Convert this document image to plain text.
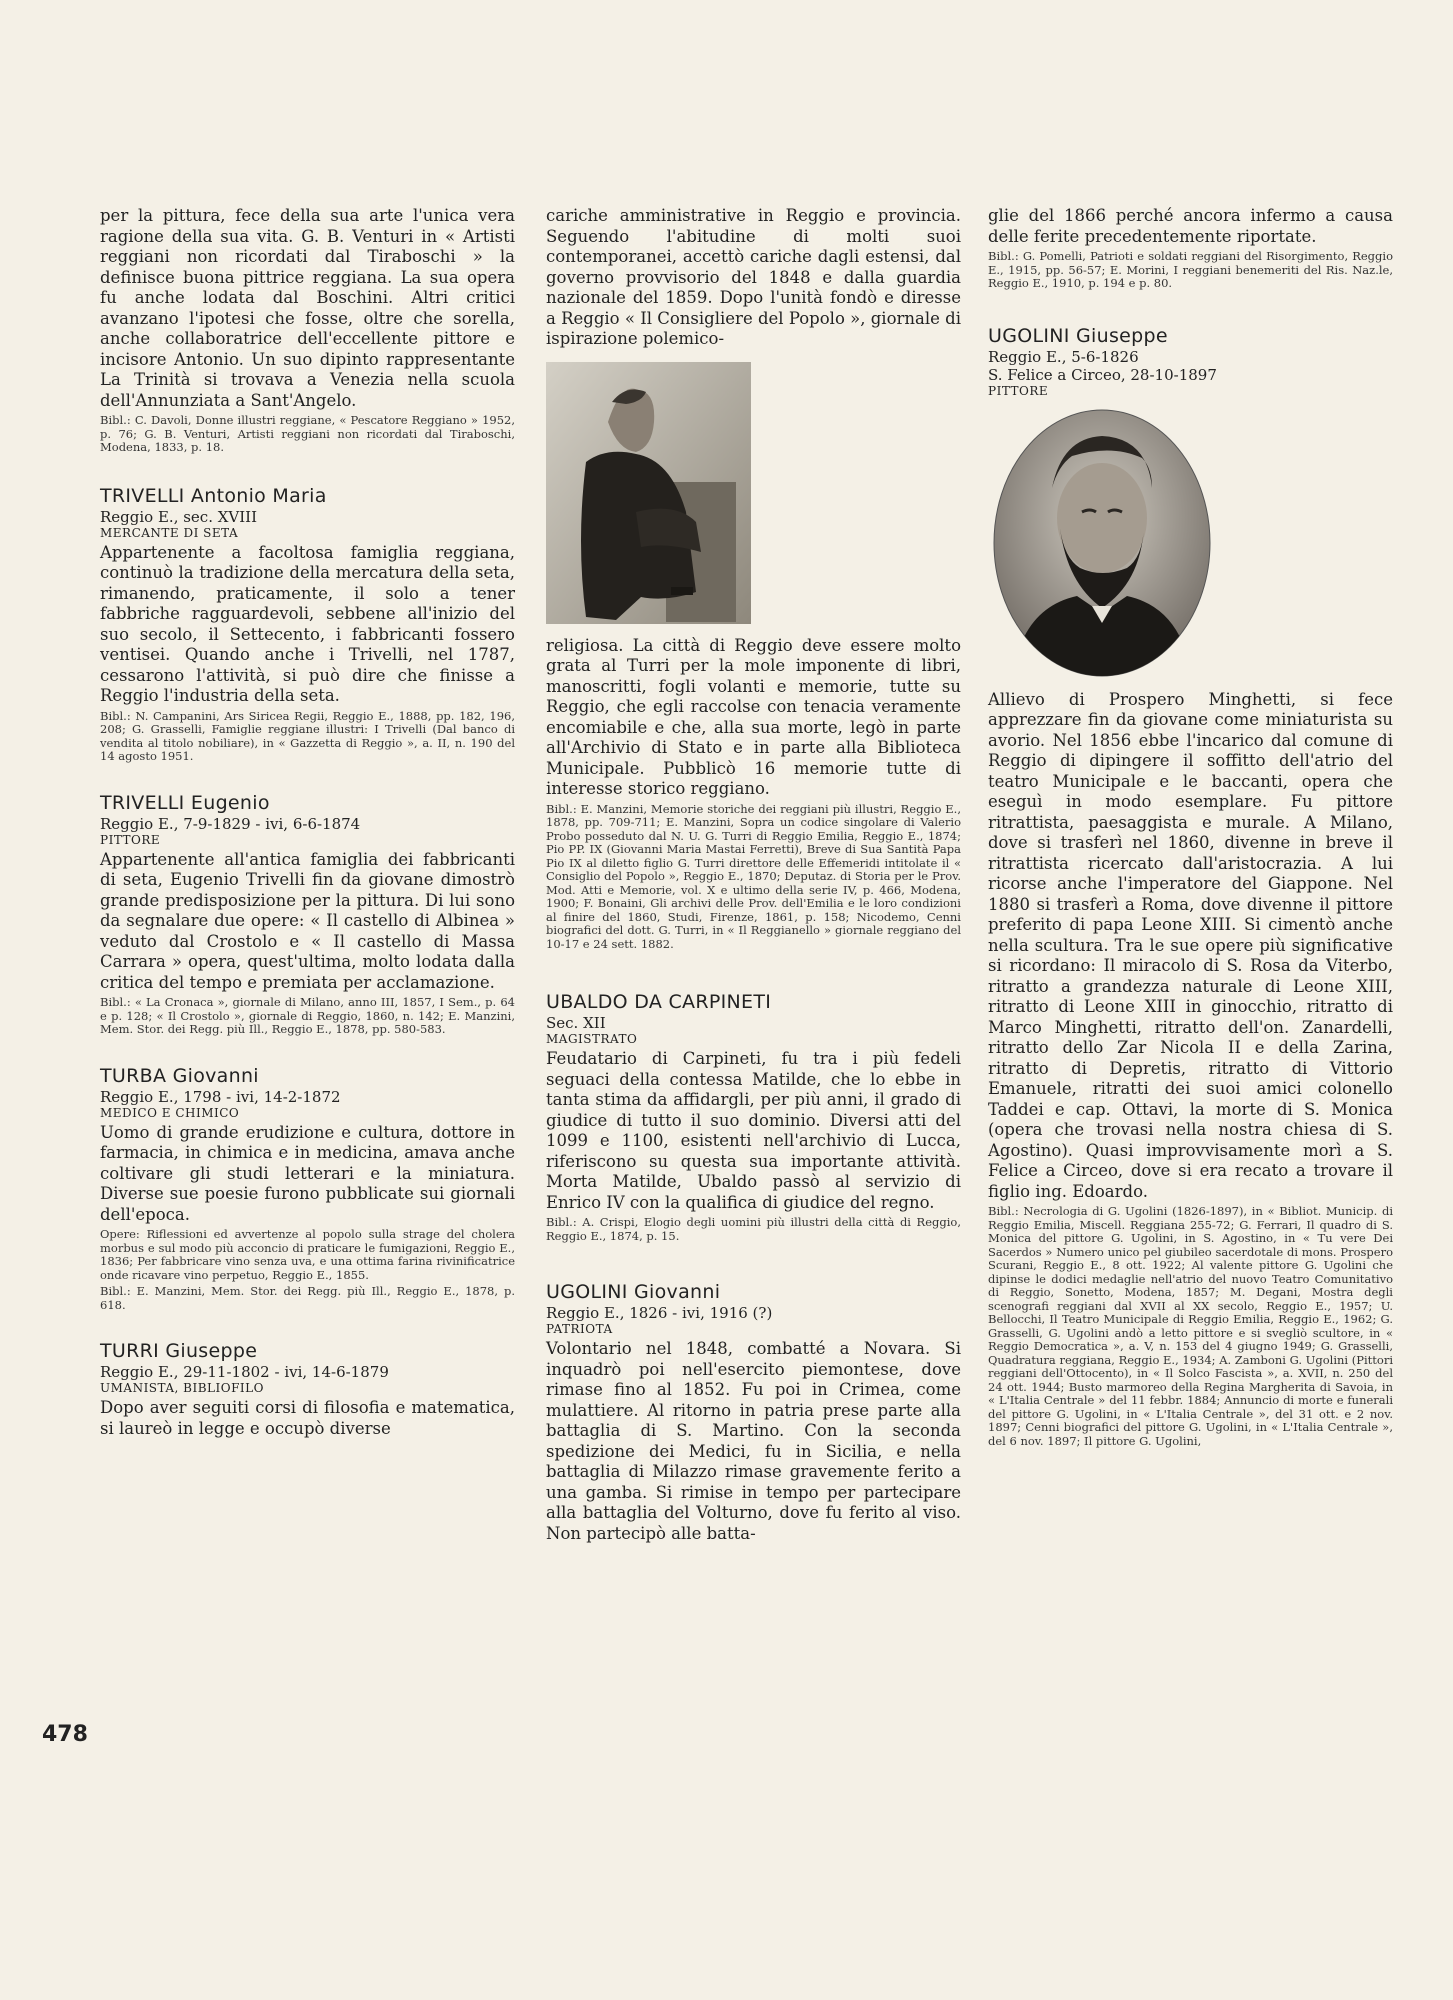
478

per la pittura, fece della sua arte l'unica vera ragione della sua vita. G. B. Venturi in « Artisti reggiani non ricordati dal Tiraboschi » la definisce buona pittrice reggiana. La sua opera fu anche lodata dal Boschini. Altri critici avanzano l'ipotesi che fosse, oltre che sorella, anche collaboratrice dell'eccellente pittore e incisore Antonio. Un suo dipinto rappresentante La Trinità si trovava a Venezia nella scuola dell'Annunziata a Sant'Angelo.

Bibl.: C. Davoli, Donne illustri reggiane, « Pescatore Reggiano » 1952, p. 76; G. B. Venturi, Artisti reggiani non ricordati dal Tiraboschi, Modena, 1833, p. 18.

TRIVELLI Antonio Maria

Reggio E., sec. XVIII

MERCANTE DI SETA

Appartenente a facoltosa famiglia reggiana, continuò la tradizione della mercatura della seta, rimanendo, praticamente, il solo a tener fabbriche ragguardevoli, sebbene all'inizio del suo secolo, il Settecento, i fabbricanti fossero ventisei. Quando anche i Trivelli, nel 1787, cessarono l'attività, si può dire che finisse a Reggio l'industria della seta.

Bibl.: N. Campanini, Ars Siricea Regii, Reggio E., 1888, pp. 182, 196, 208; G. Grasselli, Famiglie reggiane illustri: I Trivelli (Dal banco di vendita al titolo nobiliare), in « Gazzetta di Reggio », a. II, n. 190 del 14 agosto 1951.

TRIVELLI Eugenio

Reggio E., 7-9-1829 - ivi, 6-6-1874

PITTORE

Appartenente all'antica famiglia dei fabbricanti di seta, Eugenio Trivelli fin da giovane dimostrò grande predisposizione per la pittura. Di lui sono da segnalare due opere: « Il castello di Albinea » veduto dal Crostolo e « Il castello di Massa Carrara » opera, quest'ultima, molto lodata dalla critica del tempo e premiata per acclamazione.

Bibl.: « La Cronaca », giornale di Milano, anno III, 1857, I Sem., p. 64 e p. 128; « Il Crostolo », giornale di Reggio, 1860, n. 142; E. Manzini, Mem. Stor. dei Regg. più Ill., Reggio E., 1878, pp. 580-583.

TURBA Giovanni

Reggio E., 1798 - ivi, 14-2-1872

MEDICO E CHIMICO

Uomo di grande erudizione e cultura, dottore in farmacia, in chimica e in medicina, amava anche coltivare gli studi letterari e la miniatura. Diverse sue poesie furono pubblicate sui giornali dell'epoca.

Opere: Riflessioni ed avvertenze al popolo sulla strage del cholera morbus e sul modo più acconcio di praticare le fumigazioni, Reggio E., 1836; Per fabbricare vino senza uva, e una ottima farina rivinificatrice onde ricavare vino perpetuo, Reggio E., 1855.

Bibl.: E. Manzini, Mem. Stor. dei Regg. più Ill., Reggio E., 1878, p. 618.

TURRI Giuseppe

Reggio E., 29-11-1802 - ivi, 14-6-1879

UMANISTA, BIBLIOFILO

Dopo aver seguiti corsi di filosofia e matematica, si laureò in legge e occupò diverse

cariche amministrative in Reggio e provincia. Seguendo l'abitudine di molti suoi contemporanei, accettò cariche dagli estensi, dal governo provvisorio del 1848 e dalla guardia nazionale del 1859. Dopo l'unità fondò e diresse a Reggio « Il Consigliere del Popolo », giornale di ispirazione polemico-

religiosa. La città di Reggio deve essere molto grata al Turri per la mole imponente di libri, manoscritti, fogli volanti e memorie, tutte su Reggio, che egli raccolse con tenacia veramente encomiabile e che, alla sua morte, legò in parte all'Archivio di Stato e in parte alla Biblioteca Municipale. Pubblicò 16 memorie tutte di interesse storico reggiano.

Bibl.: E. Manzini, Memorie storiche dei reggiani più illustri, Reggio E., 1878, pp. 709-711; E. Manzini, Sopra un codice singolare di Valerio Probo posseduto dal N. U. G. Turri di Reggio Emilia, Reggio E., 1874; Pio PP. IX (Giovanni Maria Mastai Ferretti), Breve di Sua Santità Papa Pio IX al diletto figlio G. Turri direttore delle Effemeridi intitolate il « Consiglio del Popolo », Reggio E., 1870; Deputaz. di Storia per le Prov. Mod. Atti e Memorie, vol. X e ultimo della serie IV, p. 466, Modena, 1900; F. Bonaini, Gli archivi delle Prov. dell'Emilia e le loro condizioni al finire del 1860, Studi, Firenze, 1861, p. 158; Nicodemo, Cenni biografici del dott. G. Turri, in « Il Reggianello » giornale reggiano del 10-17 e 24 sett. 1882.

UBALDO DA CARPINETI

Sec. XII

MAGISTRATO

Feudatario di Carpineti, fu tra i più fedeli seguaci della contessa Matilde, che lo ebbe in tanta stima da affidargli, per più anni, il grado di giudice di tutto il suo dominio. Diversi atti del 1099 e 1100, esistenti nell'archivio di Lucca, riferiscono su questa sua importante attività. Morta Matilde, Ubaldo passò al servizio di Enrico IV con la qualifica di giudice del regno.

Bibl.: A. Crispi, Elogio degli uomini più illustri della città di Reggio, Reggio E., 1874, p. 15.

UGOLINI Giovanni

Reggio E., 1826 - ivi, 1916 (?)

PATRIOTA

Volontario nel 1848, combatté a Novara. Si inquadrò poi nell'esercito piemontese, dove rimase fino al 1852. Fu poi in Crimea, come mulattiere. Al ritorno in patria prese parte alla battaglia di S. Martino. Con la seconda spedizione dei Medici, fu in Sicilia, e nella battaglia di Milazzo rimase gravemente ferito a una gamba. Si rimise in tempo per partecipare alla battaglia del Volturno, dove fu ferito al viso. Non partecipò alle batta-

glie del 1866 perché ancora infermo a causa delle ferite precedentemente riportate.

Bibl.: G. Pomelli, Patrioti e soldati reggiani del Risorgimento, Reggio E., 1915, pp. 56-57; E. Morini, I reggiani benemeriti del Ris. Naz.le, Reggio E., 1910, p. 194 e p. 80.

UGOLINI Giuseppe

Reggio E., 5-6-1826

S. Felice a Circeo, 28-10-1897

PITTORE

Allievo di Prospero Minghetti, si fece apprezzare fin da giovane come miniaturista su avorio. Nel 1856 ebbe l'incarico dal comune di Reggio di dipingere il soffitto dell'atrio del teatro Municipale e le baccanti, opera che eseguì in modo esemplare. Fu pittore ritrattista, paesaggista e murale. A Milano, dove si trasferì nel 1860, divenne in breve il ritrattista ricercato dall'aristocrazia. A lui ricorse anche l'imperatore del Giappone. Nel 1880 si trasferì a Roma, dove divenne il pittore preferito di papa Leone XIII. Si cimentò anche nella scultura. Tra le sue opere più significative si ricordano: Il miracolo di S. Rosa da Viterbo, ritratto a grandezza naturale di Leone XIII, ritratto di Leone XIII in ginocchio, ritratto di Marco Minghetti, ritratto dell'on. Zanardelli, ritratto dello Zar Nicola II e della Zarina, ritratto di Depretis, ritratto di Vittorio Emanuele, ritratti dei suoi amici colonello Taddei e cap. Ottavi, la morte di S. Monica (opera che trovasi nella nostra chiesa di S. Agostino). Quasi improvvisamente morì a S. Felice a Circeo, dove si era recato a trovare il figlio ing. Edoardo.

Bibl.: Necrologia di G. Ugolini (1826-1897), in « Bibliot. Municip. di Reggio Emilia, Miscell. Reggiana 255-72; G. Ferrari, Il quadro di S. Monica del pittore G. Ugolini, in S. Agostino, in « Tu vere Dei Sacerdos » Numero unico pel giubileo sacerdotale di mons. Prospero Scurani, Reggio E., 8 ott. 1922; Al valente pittore G. Ugolini che dipinse le dodici medaglie nell'atrio del nuovo Teatro Comunitativo di Reggio, Sonetto, Modena, 1857; M. Degani, Mostra degli scenografi reggiani dal XVII al XX secolo, Reggio E., 1957; U. Bellocchi, Il Teatro Municipale di Reggio Emilia, Reggio E., 1962; G. Grasselli, G. Ugolini andò a letto pittore e si svegliò scultore, in « Reggio Democratica », a. V, n. 153 del 4 giugno 1949; G. Grasselli, Quadratura reggiana, Reggio E., 1934; A. Zamboni G. Ugolini (Pittori reggiani dell'Ottocento), in « Il Solco Fascista », a. XVII, n. 250 del 24 ott. 1944; Busto marmoreo della Regina Margherita di Savoia, in « L'Italia Centrale » del 11 febbr. 1884; Annuncio di morte e funerali del pittore G. Ugolini, in « L'Italia Centrale », del 31 ott. e 2 nov. 1897; Cenni biografici del pittore G. Ugolini, in « L'Italia Centrale », del 6 nov. 1897; Il pittore G. Ugolini,
